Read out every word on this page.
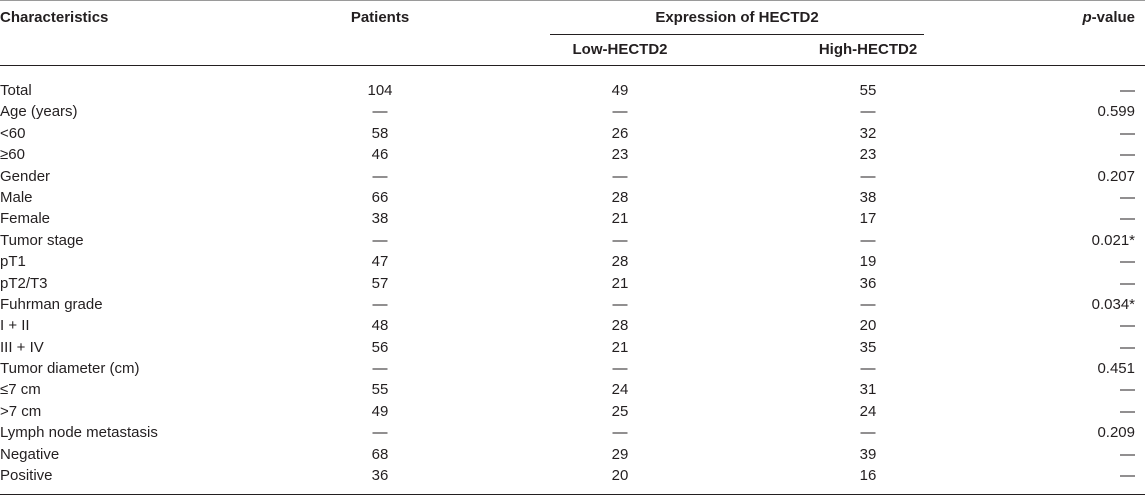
Characteristics	Patients	Expression of HECTD2
Low-HECTD2	High-HECTD2
p-value
Total	104	49	55	—
Age (years)	—	—	—	0.599
<60	58	26	32	—
≥60	46	23	23	—
Gender	—	—	—	0.207
Male	66	28	38	—
Female	38	21	17	—
Tumor stage	—	—	—	0.021*
pT1	47	28	19	—
pT2/T3	57	21	36	—
Fuhrman grade	—	—	—	0.034*
I + II	48	28	20	—
III + IV	56	21	35	—
Tumor diameter (cm)	—	—	—	0.451
≤7 cm	55	24	31	—
>7 cm	49	25	24	—
Lymph node metastasis	—	—	—	0.209
Negative	68	29	39	—
Positive	36	20	16	—
